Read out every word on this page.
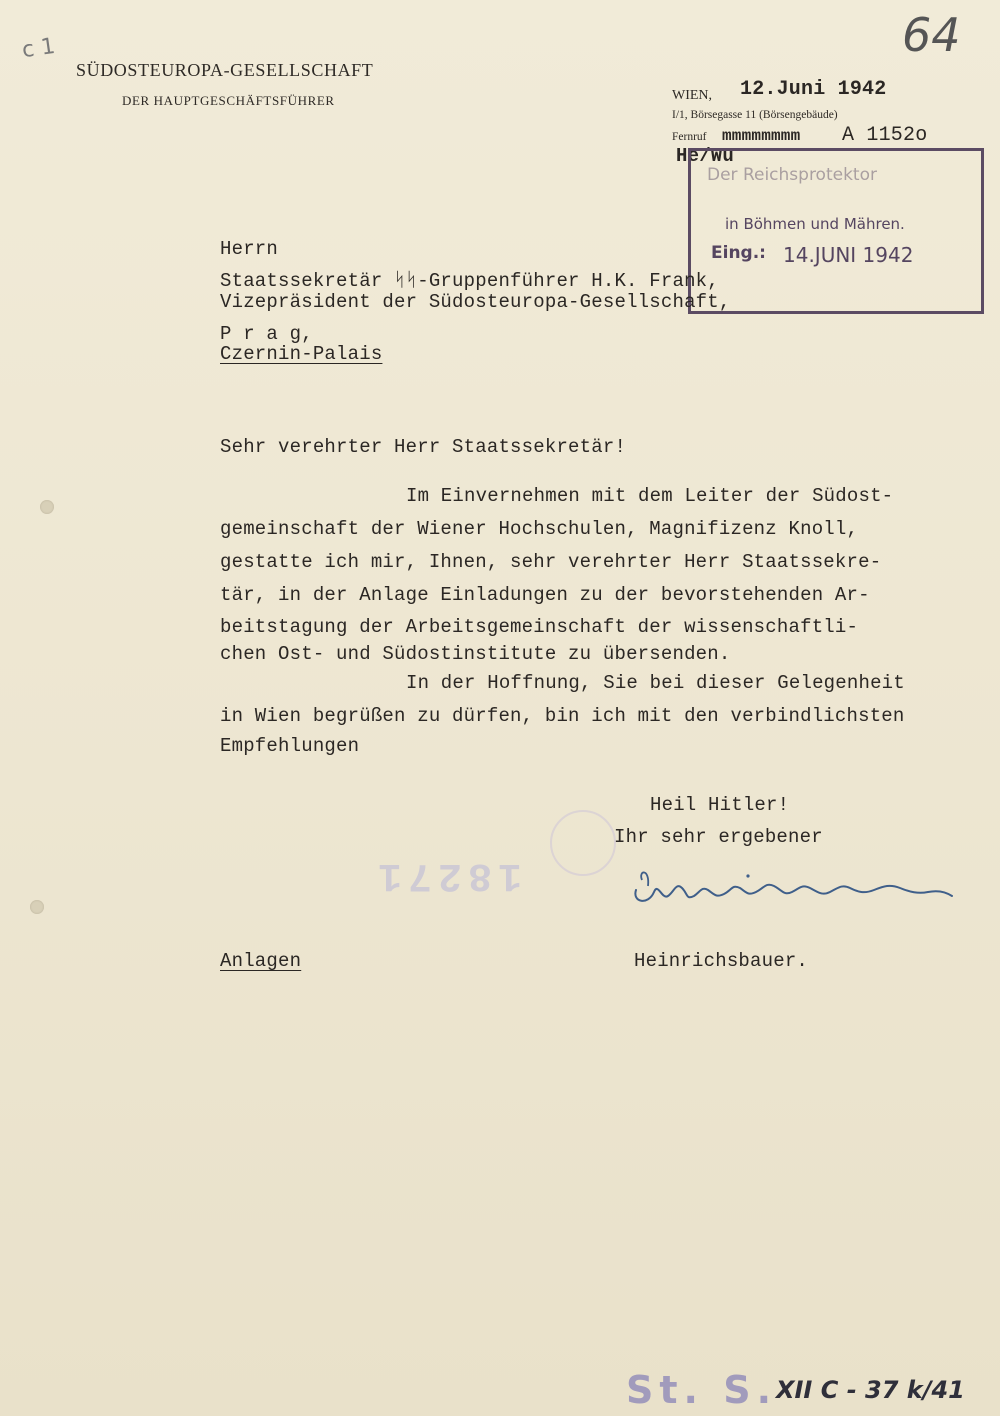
c 1	64
SÜDOSTEUROPA-GESELLSCHAFT
DER HAUPTGESCHÄFTSFÜHRER	WIEN, 12.Juni 1942
I/1, Börsegasse 11 (Börsengebäude)
Fernruf mmmmmmmm A 1152o
He/Wu
Der Reichsprotektor
in Böhmen und Mähren.
Eing.: 14.JUNI 1942
Herrn
Staatssekretär ᛋᛋ-Gruppenführer H.K. Frank,
Vizepräsident der Südosteuropa-Gesellschaft,
P r a g,
Czernin-Palais
Sehr verehrter Herr Staatssekretär!
Im Einvernehmen mit dem Leiter der Südost-
gemeinschaft der Wiener Hochschulen, Magnifizenz Knoll,
gestatte ich mir, Ihnen, sehr verehrter Herr Staatssekre-
tär, in der Anlage Einladungen zu der bevorstehenden Ar-
beitstagung der Arbeitsgemeinschaft der wissenschaftli-
chen Ost- und Südostinstitute zu übersenden.
In der Hoffnung, Sie bei dieser Gelegenheit
in Wien begrüßen zu dürfen, bin ich mit den verbindlichsten
Empfehlungen
18271
Heil Hitler!
Ihr sehr ergebener
Anlagen	Heinrichsbauer.
St. S.
XII C - 37 k/41
